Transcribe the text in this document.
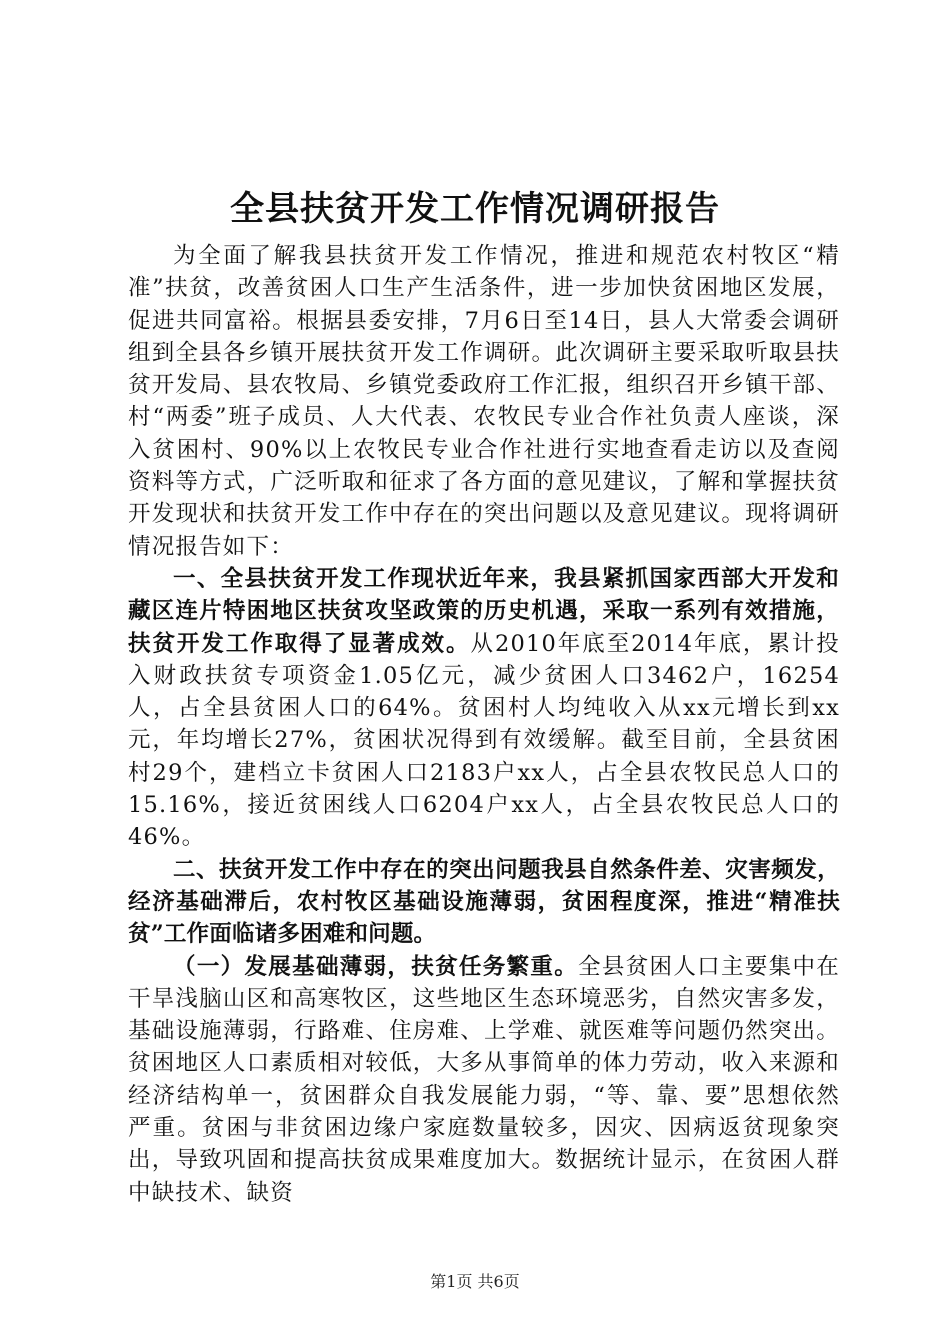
全县扶贫开发工作情况调研报告

为全面了解我县扶贫开发工作情况，推进和规范农村牧区“精准”扶贫，改善贫困人口生产生活条件，进一步加快贫困地区发展，促进共同富裕。根据县委安排，7月6日至14日，县人大常委会调研组到全县各乡镇开展扶贫开发工作调研。此次调研主要采取听取县扶贫开发局、县农牧局、乡镇党委政府工作汇报，组织召开乡镇干部、村“两委”班子成员、人大代表、农牧民专业合作社负责人座谈，深入贫困村、90%以上农牧民专业合作社进行实地查看走访以及查阅资料等方式，广泛听取和征求了各方面的意见建议，了解和掌握扶贫开发现状和扶贫开发工作中存在的突出问题以及意见建议。现将调研情况报告如下：

一、全县扶贫开发工作现状近年来，我县紧抓国家西部大开发和藏区连片特困地区扶贫攻坚政策的历史机遇，采取一系列有效措施，扶贫开发工作取得了显著成效。从2010年底至2014年底，累计投入财政扶贫专项资金1.05亿元，减少贫困人口3462户，16254人，占全县贫困人口的64%。贫困村人均纯收入从xx元增长到xx元，年均增长27%，贫困状况得到有效缓解。截至目前，全县贫困村29个，建档立卡贫困人口2183户xx人，占全县农牧民总人口的15.16%，接近贫困线人口6204户xx人，占全县农牧民总人口的46%。

二、扶贫开发工作中存在的突出问题我县自然条件差、灾害频发，经济基础滞后，农村牧区基础设施薄弱，贫困程度深，推进“精准扶贫”工作面临诸多困难和问题。

（一）发展基础薄弱，扶贫任务繁重。全县贫困人口主要集中在干旱浅脑山区和高寒牧区，这些地区生态环境恶劣，自然灾害多发，基础设施薄弱，行路难、住房难、上学难、就医难等问题仍然突出。贫困地区人口素质相对较低，大多从事简单的体力劳动，收入来源和经济结构单一，贫困群众自我发展能力弱，“等、靠、要”思想依然严重。贫困与非贫困边缘户家庭数量较多，因灾、因病返贫现象突出，导致巩固和提高扶贫成果难度加大。数据统计显示，在贫困人群中缺技术、缺资

第1页 共6页
